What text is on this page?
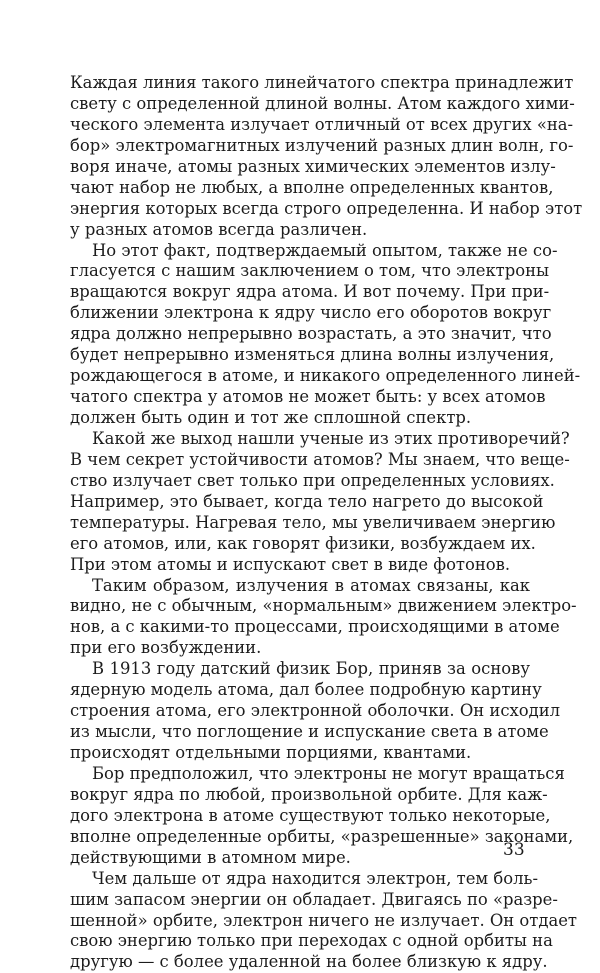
Каждая линия такого линейчатого спектра принадлежит
свету с определенной длиной волны. Атом каждого хими-
ческого элемента излучает отличный от всех других «на-
бор» электромагнитных излучений разных длин волн, го-
воря иначе, атомы разных химических элементов излу-
чают набор не любых, а вполне определенных квантов,
энергия которых всегда строго определенна. И набор этот
у разных атомов всегда различен.
Но этот факт, подтверждаемый опытом, также не со-
гласуется с нашим заключением о том, что электроны
вращаются вокруг ядра атома. И вот почему. При при-
ближении электрона к ядру число его оборотов вокруг
ядра должно непрерывно возрастать, а это значит, что
будет непрерывно изменяться длина волны излучения,
рождающегося в атоме, и никакого определенного линей-
чатого спектра у атомов не может быть: у всех атомов
должен быть один и тот же сплошной спектр.
Какой же выход нашли ученые из этих противоречий?
В чем секрет устойчивости атомов? Мы знаем, что веще-
ство излучает свет только при определенных условиях.
Например, это бывает, когда тело нагрето до высокой
температуры. Нагревая тело, мы увеличиваем энергию
его атомов, или, как говорят физики, возбуждаем их.
При этом атомы и испускают свет в виде фотонов.
Таким образом, излучения в атомах связаны, как
видно, не с обычным, «нормальным» движением электро-
нов, а с какими-то процессами, происходящими в атоме
при его возбуждении.
В 1913 году датский физик Бор, приняв за основу
ядерную модель атома, дал более подробную картину
строения атома, его электронной оболочки. Он исходил
из мысли, что поглощение и испускание света в атоме
происходят отдельными порциями, квантами.
Бор предположил, что электроны не могут вращаться
вокруг ядра по любой, произвольной орбите. Для каж-
дого электрона в атоме существуют только некоторые,
вполне определенные орбиты, «разрешенные» законами,
действующими в атомном мире.
Чем дальше от ядра находится электрон, тем боль-
шим запасом энергии он обладает. Двигаясь по «разре-
шенной» орбите, электрон ничего не излучает. Он отдает
свою энергию только при переходах с одной орбиты на
другую — с более удаленной на более близкую к ядру.
33
